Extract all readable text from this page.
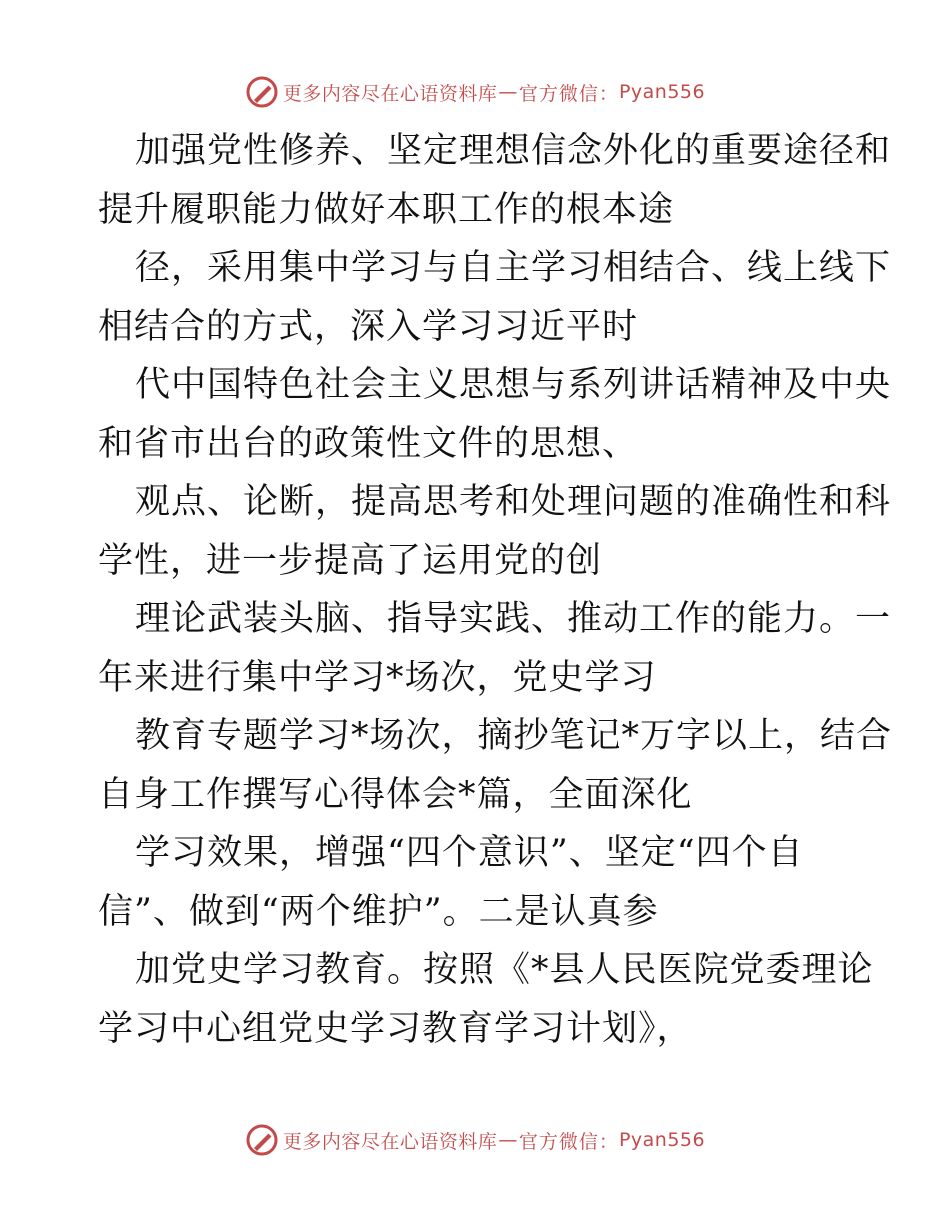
更多内容尽在心语资料库 — 官方微信： Pyan556
加强党性修养、坚定理想信念外化的重要途径和
提升履职能力做好本职工作的根本途
径，采用集中学习与自主学习相结合、线上线下
相结合的方式，深入学习习近平时
代中国特色社会主义思想与系列讲话精神及中央
和省市出台的政策性文件的思想、
观点、论断，提高思考和处理问题的准确性和科
学性，进一步提高了运用党的创
理论武装头脑、指导实践、推动工作的能力。一
年来进行集中学习*场次，党史学习
教育专题学习*场次，摘抄笔记*万字以上，结合
自身工作撰写心得体会*篇，全面深化
学习效果，增强“四个意识”、坚定“四个自
信”、做到“两个维护”。二是认真参
加党史学习教育。按照《*县人民医院党委理论
学习中心组党史学习教育学习计划》，
更多内容尽在心语资料库 — 官方微信： Pyan556
